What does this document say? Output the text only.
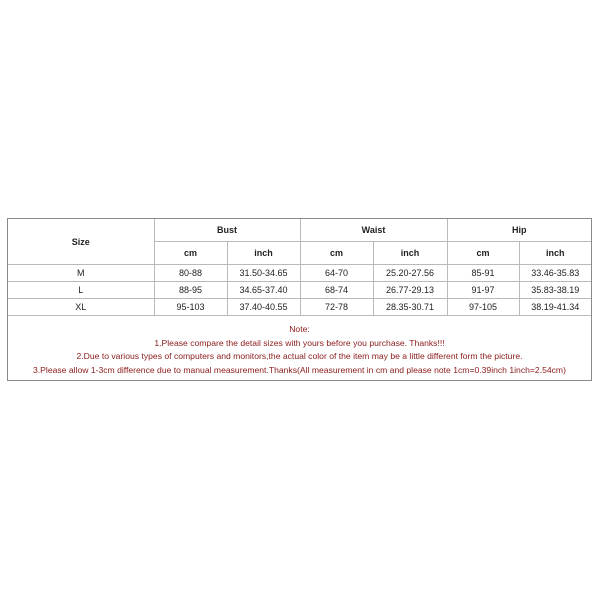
Size	Bust		Waist		Hip	
	cm	inch	cm	inch	cm	inch
M	80-88	31.50-34.65	64-70	25.20-27.56	85-91	33.46-35.83
L	88-95	34.65-37.40	68-74	26.77-29.13	91-97	35.83-38.19
XL	95-103	37.40-40.55	72-78	28.35-30.71	97-105	38.19-41.34
Note:
1.Please compare the detail sizes with yours before you purchase. Thanks!!!
2.Due to various types of computers and monitors,the actual color of the item may be a little different form the picture.
3.Please allow 1-3cm difference due to manual measurement.Thanks(All measurement in cm and please note 1cm=0.39inch 1inch=2.54cm)
